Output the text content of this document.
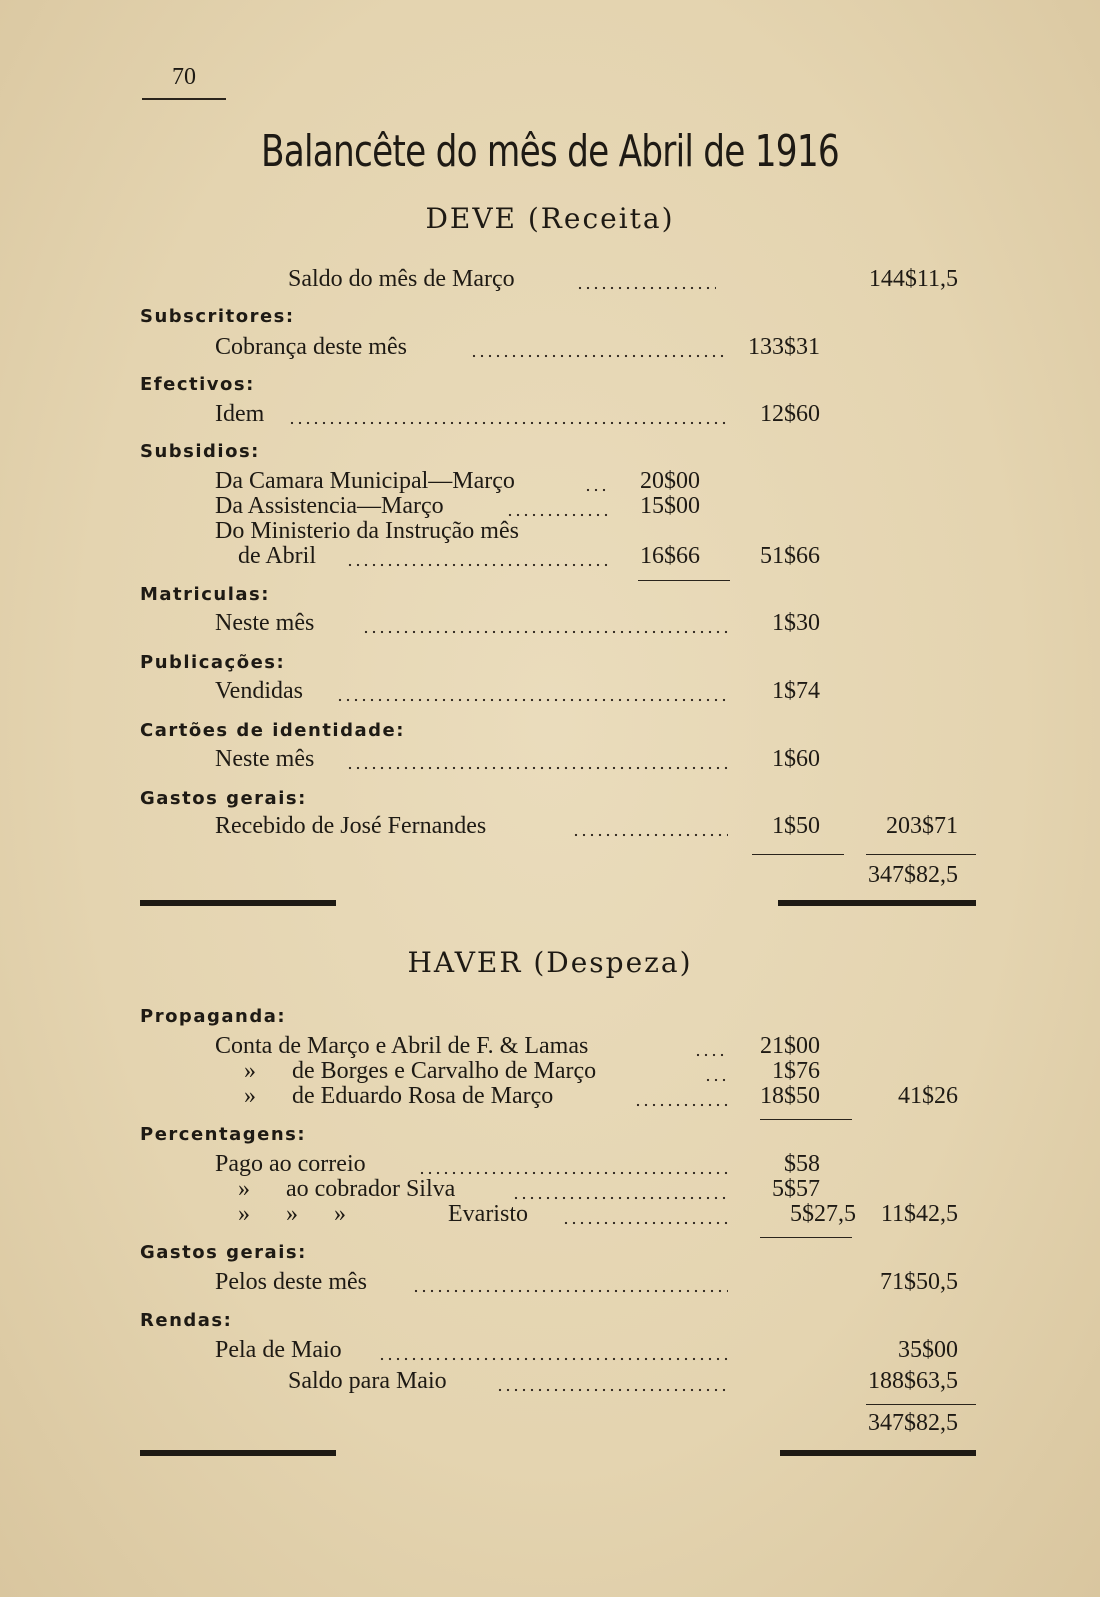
70
Balancête do mês de Abril de 1916
DEVE (Receita)
Saldo do mês de Março	144$11,5
Subscritores:
Cobrança deste mês	133$31
Efectivos:
Idem	12$60
Subsidios:
Da Camara Municipal—Março	20$00
Da Assistencia—Março	15$00
Do Ministerio da Instrução mês
de Abril	16$66	51$66
Matriculas:
Neste mês	1$30
Publicações:
Vendidas	1$74
Cartões de identidade:
Neste mês	1$60
Gastos gerais:
Recebido de José Fernandes	1$50	203$71
347$82,5
HAVER (Despeza)
Propaganda:
Conta de Março e Abril de F. & Lamas	21$00
» de Borges e Carvalho de Março	1$76
» de Eduardo Rosa de Março	18$50	41$26
Percentagens:
Pago ao correio	$58
» ao cobrador Silva	5$57
»      »      »	Evaristo	5$27,5 11$42,5
Gastos gerais:
Pelos deste mês	71$50,5
Rendas:
Pela de Maio	35$00
Saldo para Maio	188$63,5
347$82,5
